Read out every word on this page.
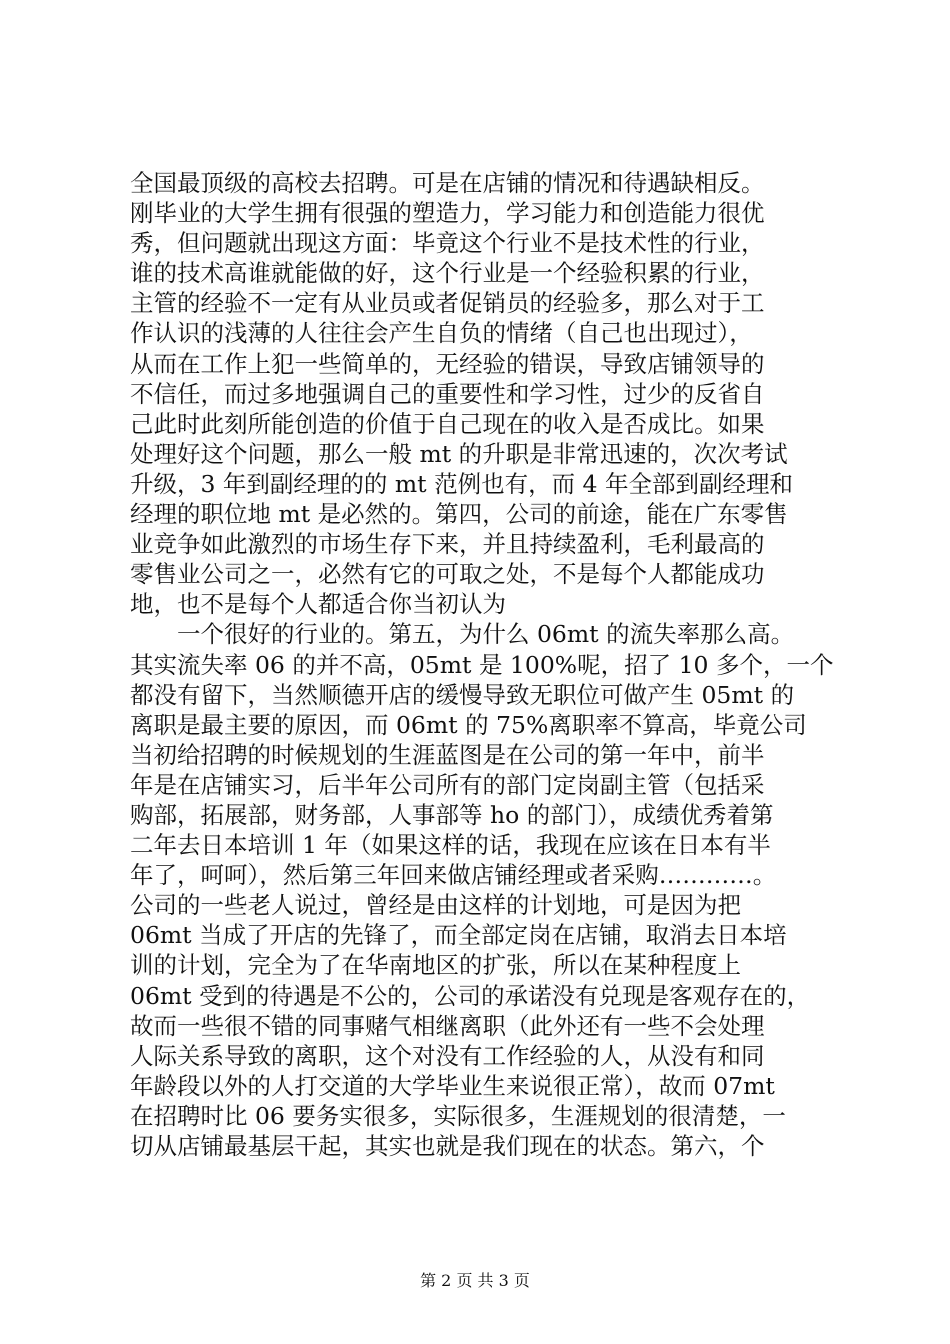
全国最顶级的高校去招聘。可是在店铺的情况和待遇缺相反。
刚毕业的大学生拥有很强的塑造力，学习能力和创造能力很优
秀，但问题就出现这方面：毕竟这个行业不是技术性的行业，
谁的技术高谁就能做的好，这个行业是一个经验积累的行业，
主管的经验不一定有从业员或者促销员的经验多，那么对于工
作认识的浅薄的人往往会产生自负的情绪（自己也出现过），
从而在工作上犯一些简单的，无经验的错误，导致店铺领导的
不信任，而过多地强调自己的重要性和学习性，过少的反省自
己此时此刻所能创造的价值于自己现在的收入是否成比。如果
处理好这个问题，那么一般 mt 的升职是非常迅速的，次次考试
升级，3 年到副经理的的 mt 范例也有，而 4 年全部到副经理和
经理的职位地 mt 是必然的。第四，公司的前途，能在广东零售
业竞争如此激烈的市场生存下来，并且持续盈利，毛利最高的
零售业公司之一，必然有它的可取之处，不是每个人都能成功
地，也不是每个人都适合你当初认为
一个很好的行业的。第五，为什么 06mt 的流失率那么高。
其实流失率 06 的并不高，05mt 是 100%呢，招了 10 多个，一个
都没有留下，当然顺德开店的缓慢导致无职位可做产生 05mt 的
离职是最主要的原因，而 06mt 的 75%离职率不算高，毕竟公司
当初给招聘的时候规划的生涯蓝图是在公司的第一年中，前半
年是在店铺实习，后半年公司所有的部门定岗副主管（包括采
购部，拓展部，财务部，人事部等 ho 的部门），成绩优秀着第
二年去日本培训 1 年（如果这样的话，我现在应该在日本有半
年了，呵呵），然后第三年回来做店铺经理或者采购…………。
公司的一些老人说过，曾经是由这样的计划地，可是因为把
06mt 当成了开店的先锋了，而全部定岗在店铺，取消去日本培
训的计划，完全为了在华南地区的扩张，所以在某种程度上
06mt 受到的待遇是不公的，公司的承诺没有兑现是客观存在的，
故而一些很不错的同事赌气相继离职（此外还有一些不会处理
人际关系导致的离职，这个对没有工作经验的人，从没有和同
年龄段以外的人打交道的大学毕业生来说很正常），故而 07mt
在招聘时比 06 要务实很多，实际很多，生涯规划的很清楚，一
切从店铺最基层干起，其实也就是我们现在的状态。第六，个
第 2 页 共 3 页
